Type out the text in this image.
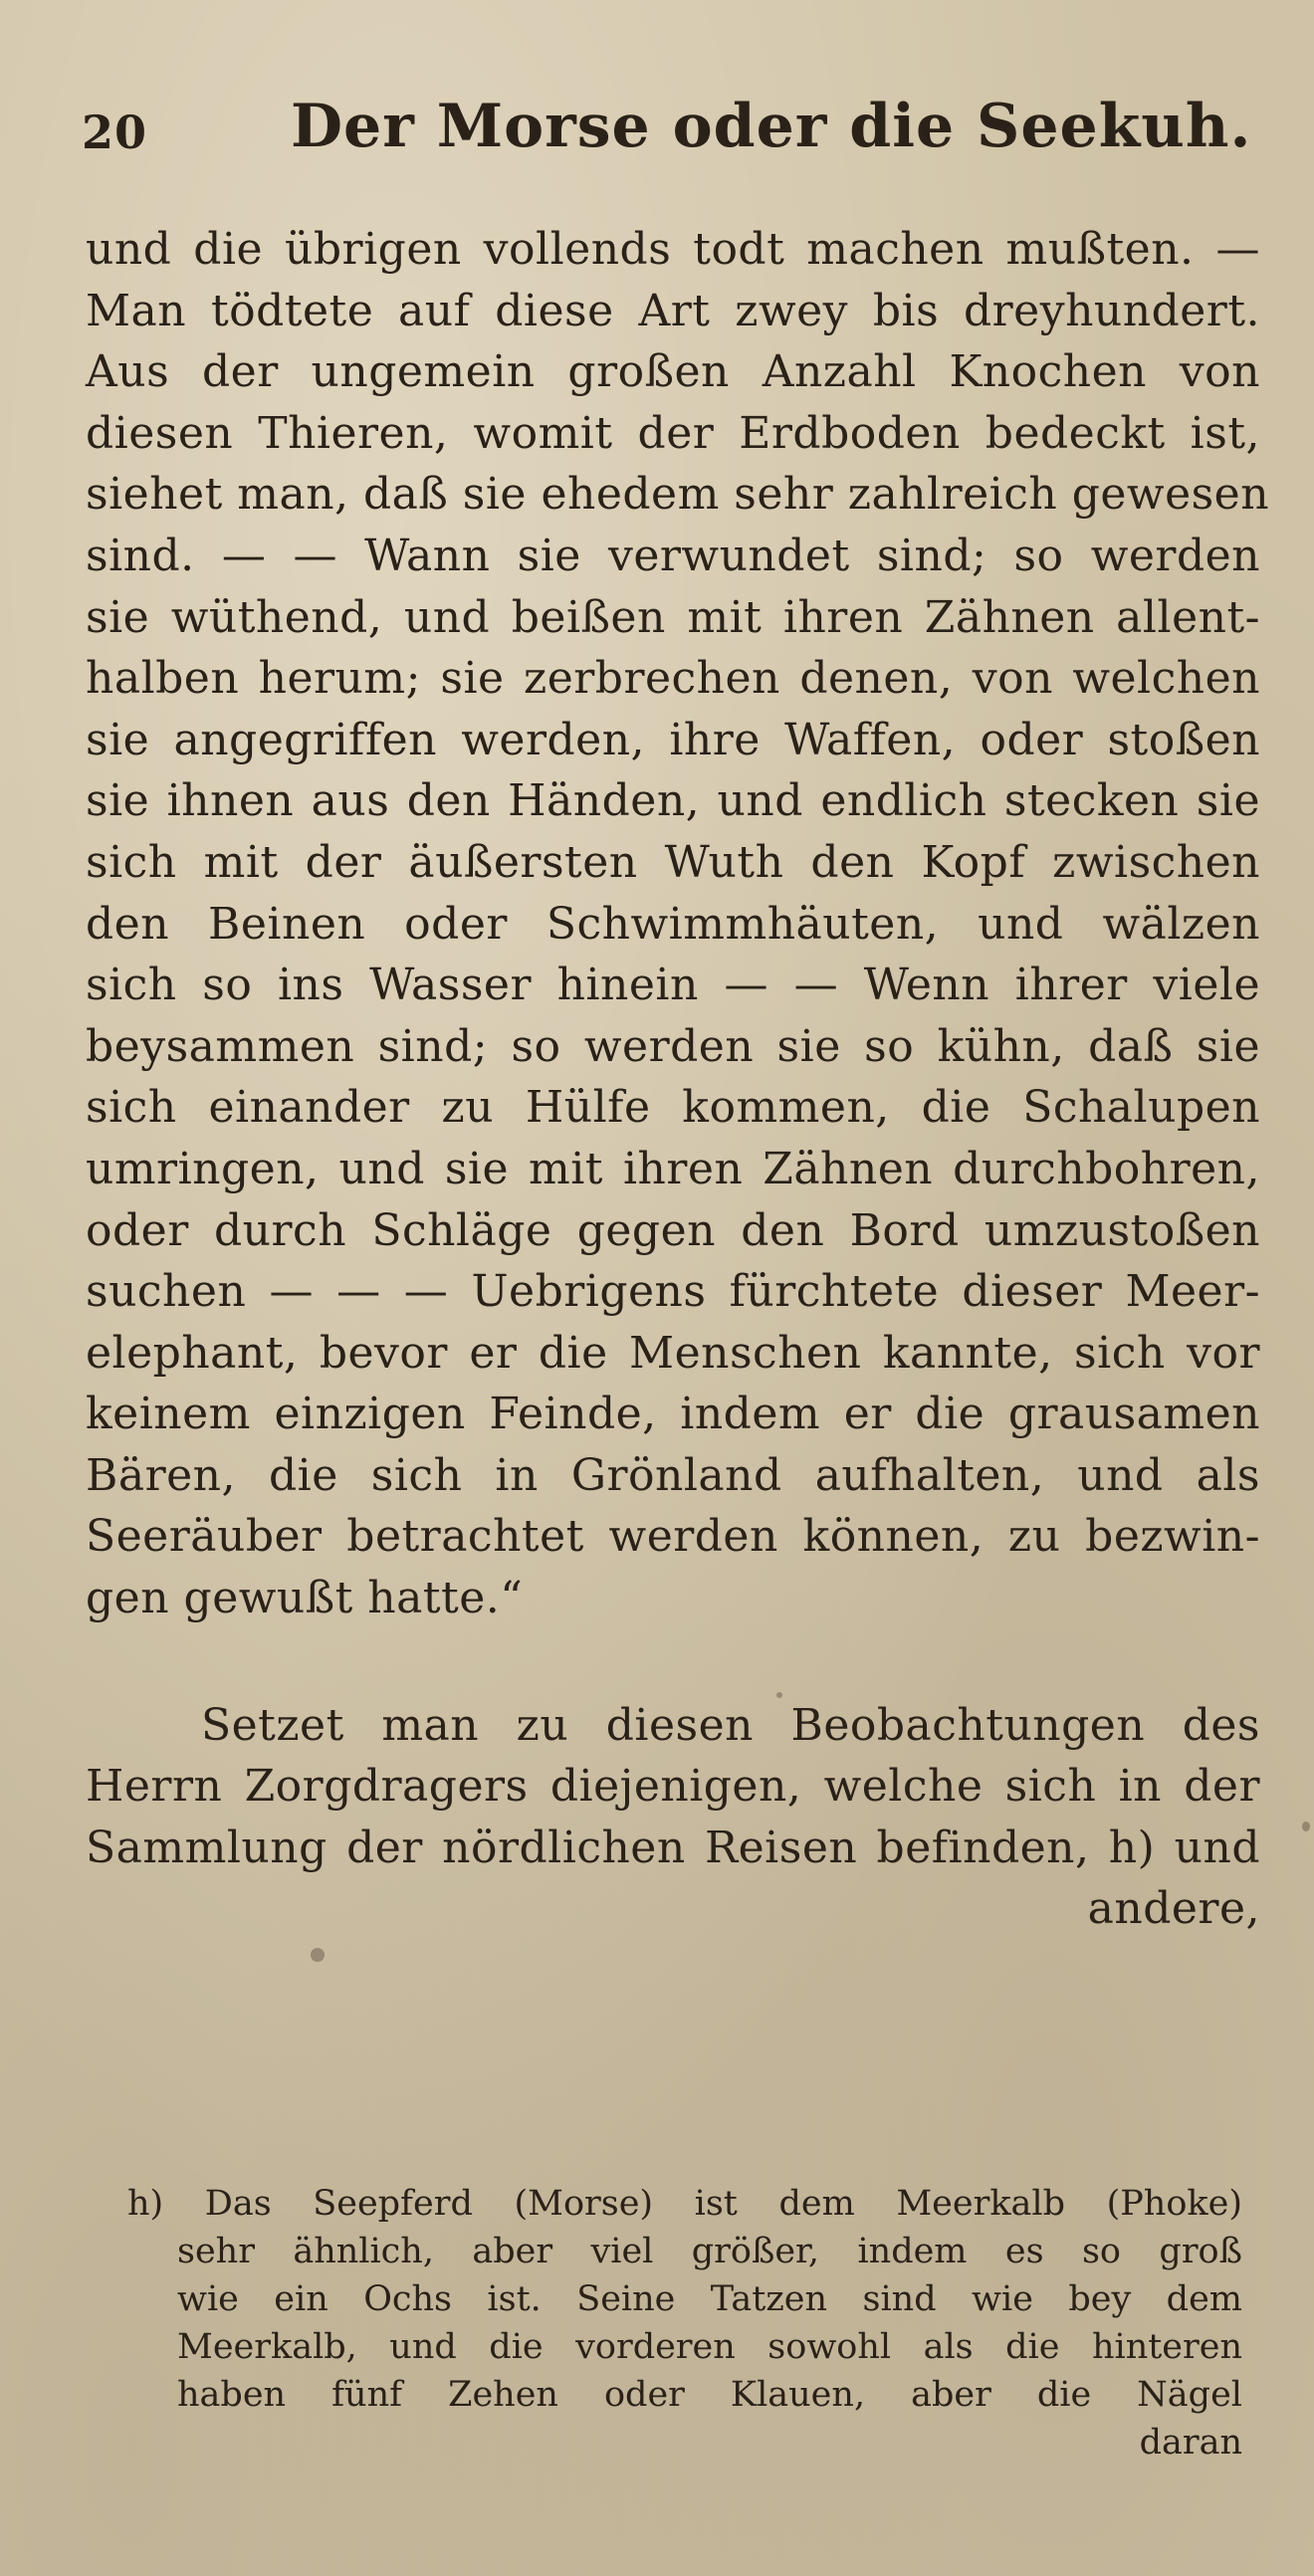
20 Der Morse oder die Seekuh.
und die übrigen vollends todt machen mußten. —
Man tödtete auf diese Art zwey bis dreyhundert.
Aus der ungemein großen Anzahl Knochen von
diesen Thieren, womit der Erdboden bedeckt ist,
siehet man, daß sie ehedem sehr zahlreich gewesen
sind. — — Wann sie verwundet sind; so werden
sie wüthend, und beißen mit ihren Zähnen allent-
halben herum; sie zerbrechen denen, von welchen
sie angegriffen werden, ihre Waffen, oder stoßen
sie ihnen aus den Händen, und endlich stecken sie
sich mit der äußersten Wuth den Kopf zwischen
den Beinen oder Schwimmhäuten, und wälzen
sich so ins Wasser hinein — — Wenn ihrer viele
beysammen sind; so werden sie so kühn, daß sie
sich einander zu Hülfe kommen, die Schalupen
umringen, und sie mit ihren Zähnen durchbohren,
oder durch Schläge gegen den Bord umzustoßen
suchen — — — Uebrigens fürchtete dieser Meer-
elephant, bevor er die Menschen kannte, sich vor
keinem einzigen Feinde, indem er die grausamen
Bären, die sich in Grönland aufhalten, und als
Seeräuber betrachtet werden können, zu bezwin-
gen gewußt hatte.“
Setzet man zu diesen Beobachtungen des
Herrn Zorgdragers diejenigen, welche sich in der
Sammlung der nördlichen Reisen befinden, h) und
andere,
h) Das Seepferd (Morse) ist dem Meerkalb (Phoke)
sehr ähnlich, aber viel größer, indem es so groß
wie ein Ochs ist. Seine Tatzen sind wie bey dem
Meerkalb, und die vorderen sowohl als die hinteren
haben fünf Zehen oder Klauen, aber die Nägel
daran
